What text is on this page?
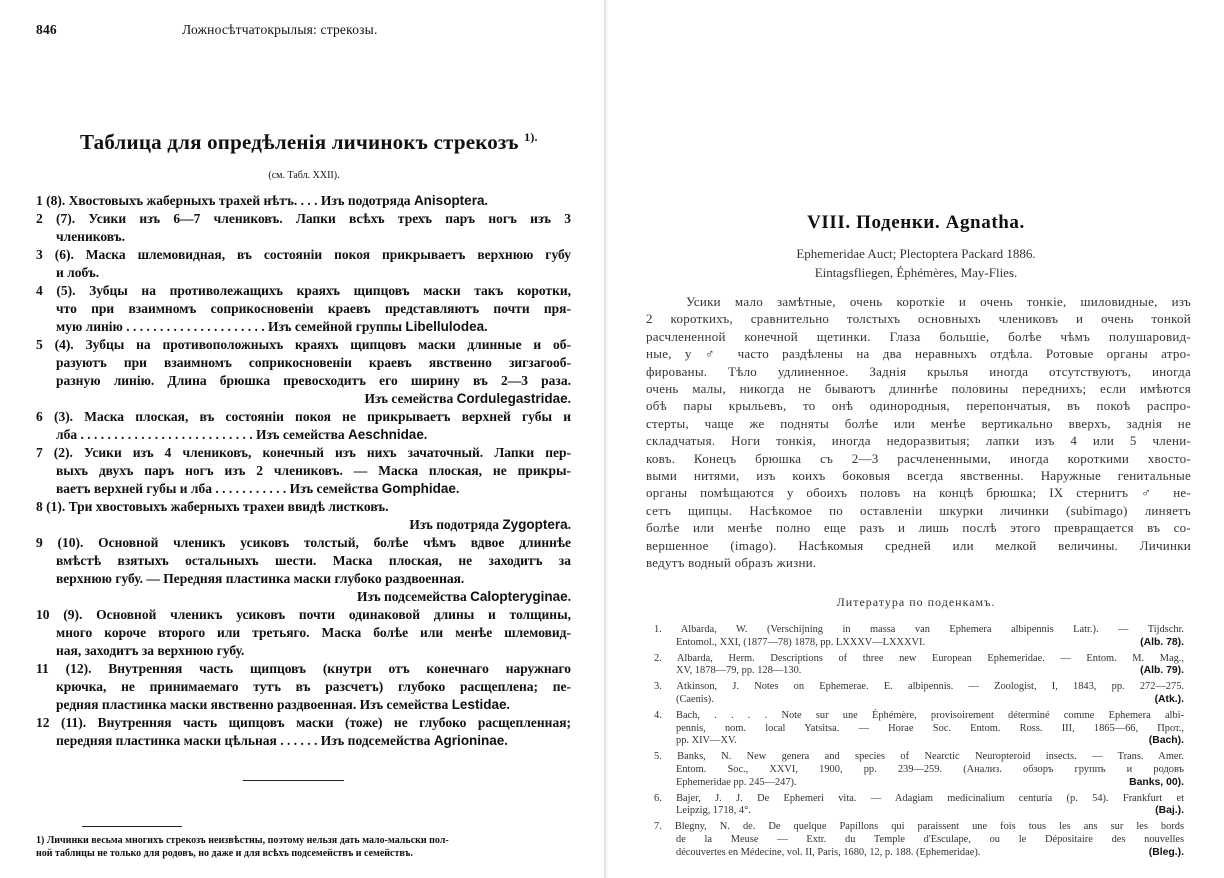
846	Ложносѣтчатокрылыя: стрекозы.
Таблица для опредѣленія личинокъ стрекозъ $^{1).}$
(см. Табл. XXII).
1 (8). Хвостовыхъ жаберныхъ трахей нѣтъ. . . . Изъ подотряда Anisoptera.
2 (7). Усики изъ 6—7 члениковъ. Лапки всѣхъ трехъ паръ ногъ изъ 3
члениковъ.
3 (6). Маска шлемовидная, въ состояніи покоя прикрываетъ верхнюю губу
и лобъ.
4 (5). Зубцы на противолежащихъ краяхъ щипцовъ маски такъ коротки,
что при взаимномъ соприкосновеніи краевъ представляютъ почти пря-
мую линію . . . . . . . . . . . . . . . . . . . . . Изъ семейной группы Libellulodea.
5 (4). Зубцы на противоположныхъ краяхъ щипцовъ маски длинные и об-
разуютъ при взаимномъ соприкосновеніи краевъ явственно зигзагооб-
разную линію. Длина брюшка превосходитъ его ширину въ 2—3 раза.
Изъ семейства Cordulegastridae.
6 (3). Маска плоская, въ состояніи покоя не прикрываетъ верхней губы и
лба . . . . . . . . . . . . . . . . . . . . . . . . . . Изъ семейства Aeschnidae.
7 (2). Усики изъ 4 члениковъ, конечный изъ нихъ зачаточный. Лапки пер-
выхъ двухъ паръ ногъ изъ 2 члениковъ. — Маска плоская, не прикры-
ваетъ верхней губы и лба . . . . . . . . . . . Изъ семейства Gomphidae.
8 (1). Три хвостовыхъ жаберныхъ трахеи ввидѣ листковъ.
Изъ подотряда Zygoptera.
9 (10). Основной членикъ усиковъ толстый, болѣе чѣмъ вдвое длиннѣе
вмѣстѣ взятыхъ остальныхъ шести. Маска плоская, не заходитъ за
верхнюю губу. — Передняя пластинка маски глубоко раздвоенная.
Изъ подсемейства Calopteryginae.
10 (9). Основной членикъ усиковъ почти одинаковой длины и толщины,
много короче второго или третьяго. Маска болѣе или менѣе шлемовид-
ная, заходитъ за верхнюю губу.
11 (12). Внутренняя часть щипцовъ (кнутри отъ конечнаго наружнаго
крючка, не принимаемаго тутъ въ разсчетъ) глубоко расщеплена; пе-
редняя пластинка маски явственно раздвоенная. Изъ семейства Lestidae.
12 (11). Внутренняя часть щипцовъ маски (тоже) не глубоко расщепленная;
передняя пластинка маски цѣльная . . . . . . Изъ подсемейства Agrioninae.
1) Личинки весьма многихъ стрекозъ неизвѣстны, поэтому нельзя дать мало-мальски пол-
ной таблицы не только для родовъ, но даже и для всѣхъ подсемействъ и семействъ.
VIII. Поденки. Agnatha.
Ephemeridae Auct; Plectoptera Packard 1886.
Eintagsfliegen, Éphémères, May-Flies.
Усики мало замѣтные, очень короткіе и очень тонкіе, шиловидные, изъ
2 короткихъ, сравнительно толстыхъ основныхъ члениковъ и очень тонкой
расчлененной конечной щетинки. Глаза большіе, болѣе чѣмъ полушаровид-
ные, у ♂ часто раздѣлены на два неравныхъ отдѣла. Ротовые органы атро-
фированы. Тѣло удлиненное. Заднія крылья иногда отсутствуютъ, иногда
очень малы, никогда не бываютъ длиннѣе половины переднихъ; если имѣются
обѣ пары крыльевъ, то онѣ одинородныя, перепончатыя, въ покоѣ распро-
стерты, чаще же подняты болѣе или менѣе вертикально вверхъ, заднія не
складчатыя. Ноги тонкія, иногда недоразвитыя; лапки изъ 4 или 5 члени-
ковъ. Конецъ брюшка съ 2—3 расчлененными, иногда короткими хвосто-
выми нитями, изъ коихъ боковыя всегда явственны. Наружные генитальные
органы помѣщаются у обоихъ половъ на концѣ брюшка; IX стернитъ ♂ не-
сетъ щипцы. Насѣкомое по оставленіи шкурки личинки (subimago) линяетъ
болѣе или менѣе полно еще разъ и лишь послѣ этого превращается въ со-
вершенное (imago). Насѣкомыя средней или мелкой величины. Личинки
ведутъ водный образъ жизни.
Литература по поденкамъ.
1. Albarda, W. (Verschijning in massa van Ephemera albipennis Latr.). — Tijdschr.
(Alb. 78).
Entomol., XXI, (1877—78) 1878, pp. LXXXV—LXXXVI.
2. Albarda, Herm. Descriptions of three new European Ephemeridae. — Entom. M. Mag.,
(Alb. 79).
XV, 1878—79, pp. 128—130.
3. Atkinson, J. Notes on Ephemerae. E. albipennis. — Zoologist, I, 1843, pp. 272—275.
(Atk.).
(Caenis).
4. Bach, . . . . Note sur une Éphémère, provisoirement déterminé comme Ephemera albi-
pennis, nom. local Yatsitsa. — Horae Soc. Entom. Ross. III, 1865—66, Прот.,
(Bach).
pp. XIV—XV.
5. Banks, N. New genera and species of Nearctic Neuropteroid insects. — Trans. Amer.
Entom. Soc., XXVI, 1900, pp. 239—259. (Анализ. обзоръ группъ и родовъ
Banks, 00).
Ephemeridae pp. 245—247).
6. Bajer, J. J. De Ephemeri vita. — Adagiam medicinalium centuria (p. 54). Frankfurt et
(Baj.).
Leipzig, 1718, 4°.
7. Blegny, N. de. De quelque Papillons qui paraissent une fois tous les ans sur les bords
de la Meuse — Extr. du Temple d'Esculape, ou le Dépositaire des nouvelles
(Bleg.).
découvertes en Médecine, vol. II, Paris, 1680, 12, p. 188. (Ephemeridae).
